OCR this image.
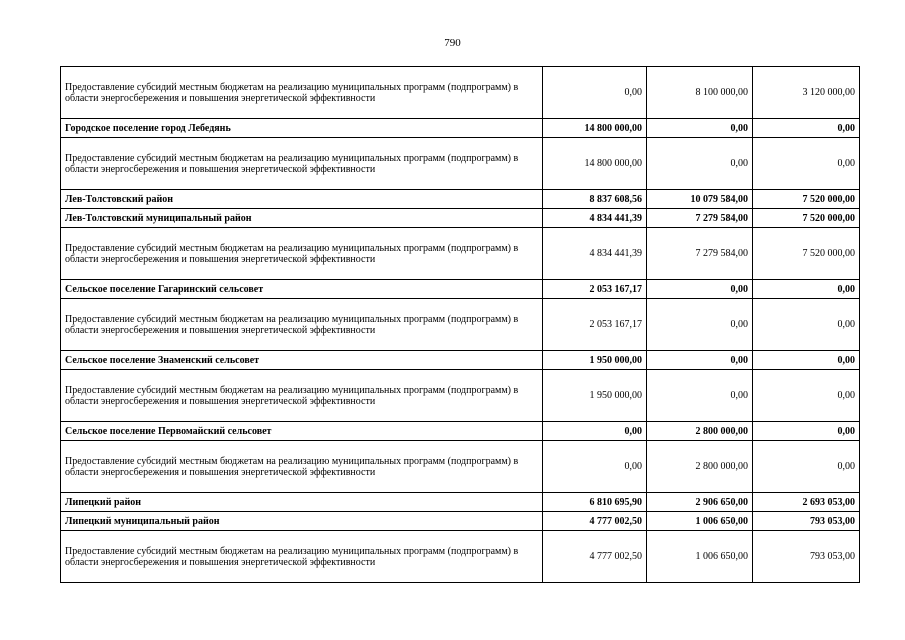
790
Предоставление субсидий местным бюджетам на реализацию муниципальных программ (подпрограмм) в области энергосбережения и повышения энергетической эффективности	0,00	8 100 000,00	3 120 000,00
Городское поселение город Лебедянь	14 800 000,00	0,00	0,00
Предоставление субсидий местным бюджетам на реализацию муниципальных программ (подпрограмм) в области энергосбережения и повышения энергетической эффективности	14 800 000,00	0,00	0,00
Лев-Толстовский район	8 837 608,56	10 079 584,00	7 520 000,00
Лев-Толстовский муниципальный район	4 834 441,39	7 279 584,00	7 520 000,00
Предоставление субсидий местным бюджетам на реализацию муниципальных программ (подпрограмм) в области энергосбережения и повышения энергетической эффективности	4 834 441,39	7 279 584,00	7 520 000,00
Сельское поселение Гагаринский сельсовет	2 053 167,17	0,00	0,00
Предоставление субсидий местным бюджетам на реализацию муниципальных программ (подпрограмм) в области энергосбережения и повышения энергетической эффективности	2 053 167,17	0,00	0,00
Сельское поселение Знаменский сельсовет	1 950 000,00	0,00	0,00
Предоставление субсидий местным бюджетам на реализацию муниципальных программ (подпрограмм) в области энергосбережения и повышения энергетической эффективности	1 950 000,00	0,00	0,00
Сельское поселение Первомайский сельсовет	0,00	2 800 000,00	0,00
Предоставление субсидий местным бюджетам на реализацию муниципальных программ (подпрограмм) в области энергосбережения и повышения энергетической эффективности	0,00	2 800 000,00	0,00
Липецкий район	6 810 695,90	2 906 650,00	2 693 053,00
Липецкий муниципальный район	4 777 002,50	1 006 650,00	793 053,00
Предоставление субсидий местным бюджетам на реализацию муниципальных программ (подпрограмм) в области энергосбережения и повышения энергетической эффективности	4 777 002,50	1 006 650,00	793 053,00
